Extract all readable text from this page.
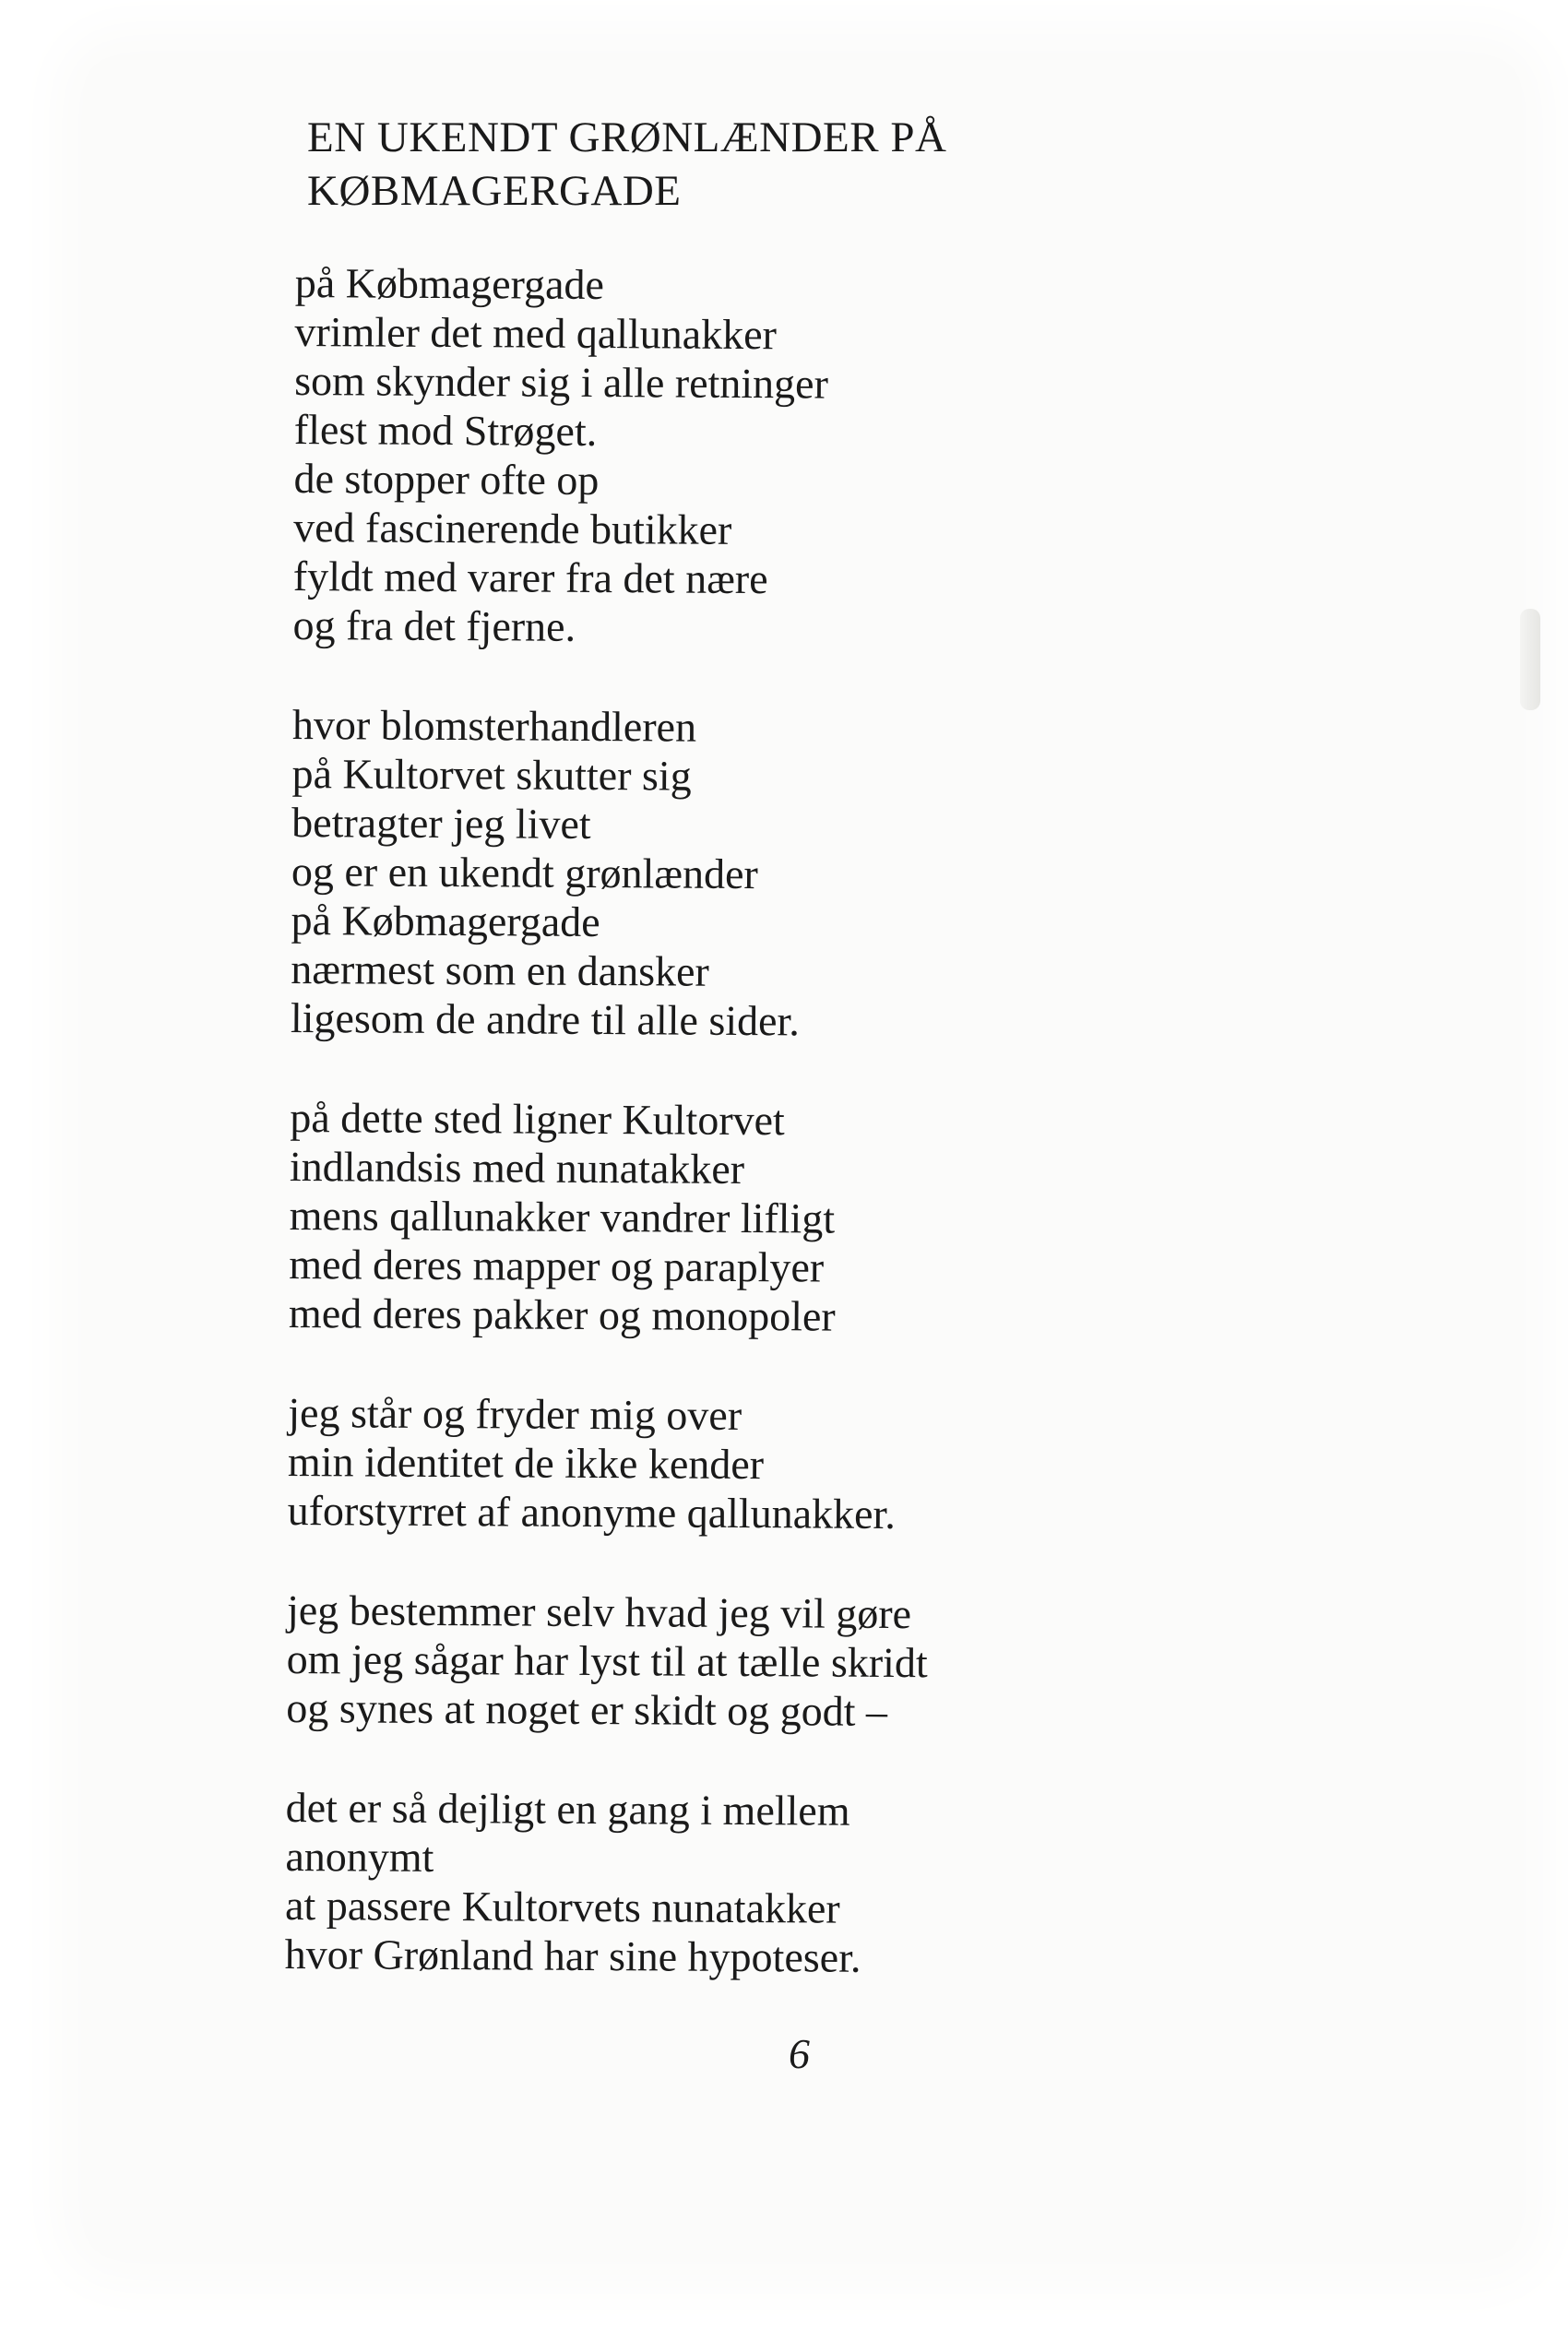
EN UKENDT GRØNLÆNDER PÅ
KØBMAGERGADE
på Købmagergade
vrimler det med qallunakker
som skynder sig i alle retninger
flest mod Strøget.
de stopper ofte op
ved fascinerende butikker
fyldt med varer fra det nære
og fra det fjerne.
hvor blomsterhandleren
på Kultorvet skutter sig
betragter jeg livet
og er en ukendt grønlænder
på Købmagergade
nærmest som en dansker
ligesom de andre til alle sider.
på dette sted ligner Kultorvet
indlandsis med nunatakker
mens qallunakker vandrer lifligt
med deres mapper og paraplyer
med deres pakker og monopoler
jeg står og fryder mig over
min identitet de ikke kender
uforstyrret af anonyme qallunakker.
jeg bestemmer selv hvad jeg vil gøre
om jeg sågar har lyst til at tælle skridt
og synes at noget er skidt og godt –
det er så dejligt en gang i mellem
anonymt
at passere Kultorvets nunatakker
hvor Grønland har sine hypoteser.
6
